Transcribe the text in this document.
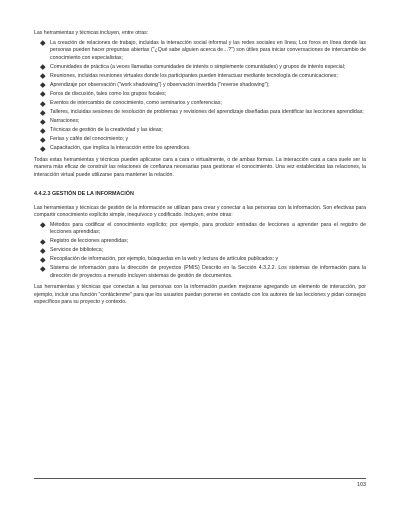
Las herramientas y técnicas incluyen, entre otras:

La creación de relaciones de trabajo, incluidas la interacción social informal y las redes sociales en línea; Los foros en línea donde las personas pueden hacer preguntas abiertas ("¿Qué sabe alguien acerca de…?") son útiles para iniciar conversaciones de intercambio de conocimiento con especialistas;
Comunidades de práctica (a veces llamadas comunidades de interés o simplemente comunidades) y grupos de interés especial;
Reuniones, incluidas reuniones virtuales donde los participantes pueden interactuar mediante tecnología de comunicaciones;
Aprendizaje por observación ("work shadowing") y observación invertida ("reverse shadowing");
Foros de discusión, tales como los grupos focales;
Eventos de intercambio de conocimiento, como seminarios y conferencias;
Talleres, incluidas sesiones de resolución de problemas y revisiones del aprendizaje diseñadas para identificar las lecciones aprendidas;
Narraciones;
Técnicas de gestión de la creatividad y las ideas;
Ferias y cafés del conocimiento; y
Capacitación, que implica la interacción entre los aprendices.

Todas estas herramientas y técnicas pueden aplicarse cara a cara o virtualmente, o de ambas formas. La interacción cara a cara suele ser la manera más eficaz de construir las relaciones de confianza necesarias para gestionar el conocimiento. Una vez establecidas las relaciones, la interacción virtual puede utilizarse para mantener la relación.

4.4.2.3 GESTIÓN DE LA INFORMACIÓN

Las herramientas y técnicas de gestión de la información se utilizan para crear y conectar a las personas con la información. Son efectivas para compartir conocimiento explícito simple, inequívoco y codificado. Incluyen, entre otras:

Métodos para codificar el conocimiento explícito; por ejemplo, para producir entradas de lecciones a aprender para el registro de lecciones aprendidas;
Registro de lecciones aprendidas;
Servicios de biblioteca;
Recopilación de información, por ejemplo, búsquedas en la web y lectura de artículos publicados; y
Sistema de información para la dirección de proyectos (PMIS) Descrito en la Sección 4.3.2.2. Los sistemas de información para la dirección de proyectos a menudo incluyen sistemas de gestión de documentos.

Las herramientas y técnicas que conectan a las personas con la información pueden mejorarse agregando un elemento de interacción, por ejemplo, incluir una función "contáctenme" para que los usuarios puedan ponerse en contacto con los autores de las lecciones y pidan consejos específicos para su proyecto y contexto.

103
